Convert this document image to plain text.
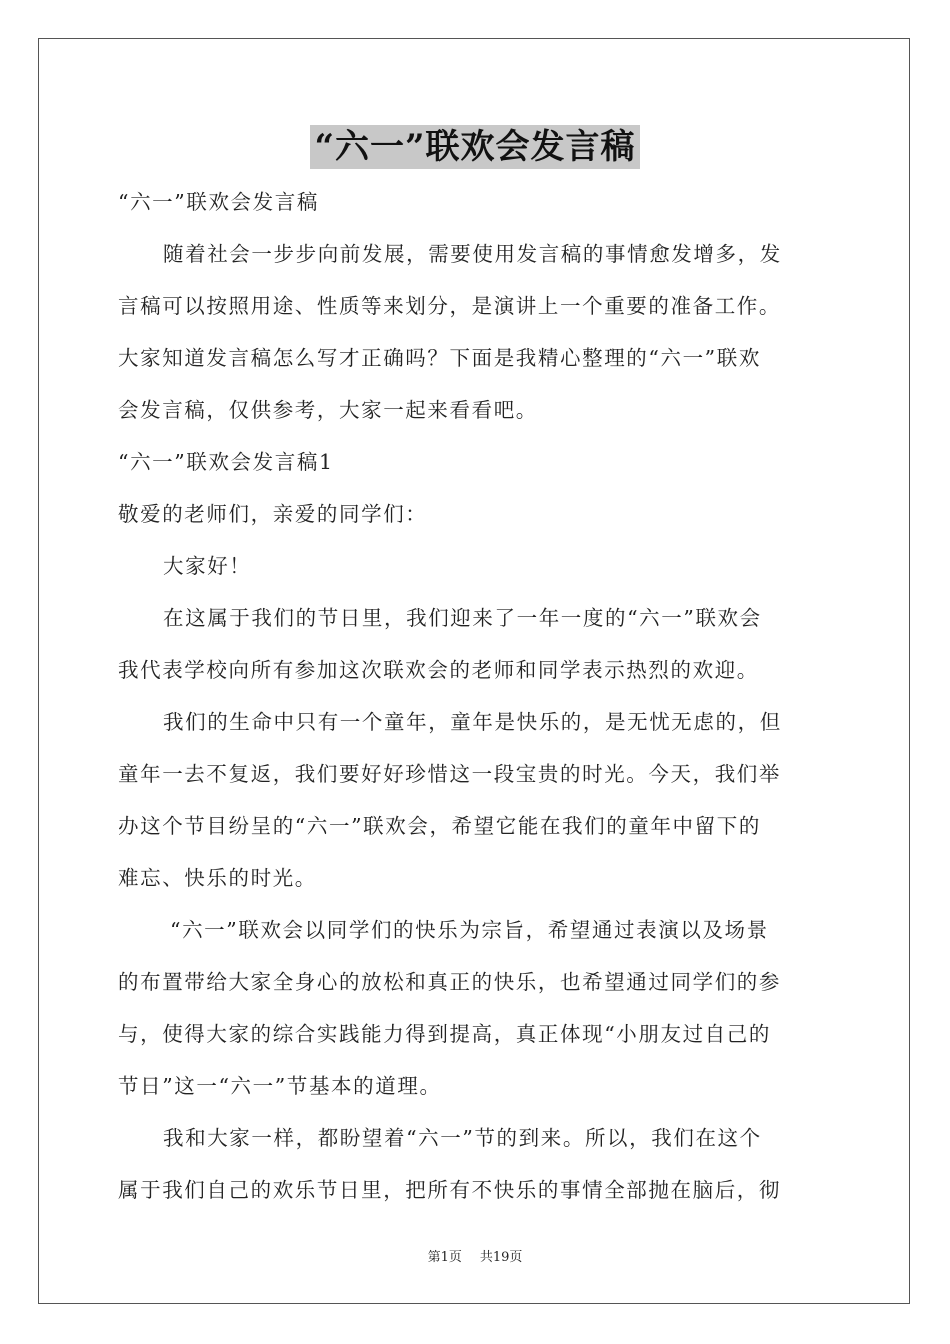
“六一”联欢会发言稿

“六一”联欢会发言稿

随着社会一步步向前发展，需要使用发言稿的事情愈发增多，发

言稿可以按照用途、性质等来划分，是演讲上一个重要的准备工作。

大家知道发言稿怎么写才正确吗？下面是我精心整理的“六一”联欢

会发言稿，仅供参考，大家一起来看看吧。

“六一”联欢会发言稿1

敬爱的老师们，亲爱的同学们：

大家好！

在这属于我们的节日里，我们迎来了一年一度的“六一”联欢会

我代表学校向所有参加这次联欢会的老师和同学表示热烈的欢迎。

我们的生命中只有一个童年，童年是快乐的，是无忧无虑的，但

童年一去不复返，我们要好好珍惜这一段宝贵的时光。今天，我们举

办这个节目纷呈的“六一”联欢会，希望它能在我们的童年中留下的

难忘、快乐的时光。

“六一”联欢会以同学们的快乐为宗旨，希望通过表演以及场景

的布置带给大家全身心的放松和真正的快乐，也希望通过同学们的参

与，使得大家的综合实践能力得到提高，真正体现“小朋友过自己的

节日”这一“六一”节基本的道理。

我和大家一样，都盼望着“六一”节的到来。所以，我们在这个

属于我们自己的欢乐节日里，把所有不快乐的事情全部抛在脑后，彻

第1页 共19页
